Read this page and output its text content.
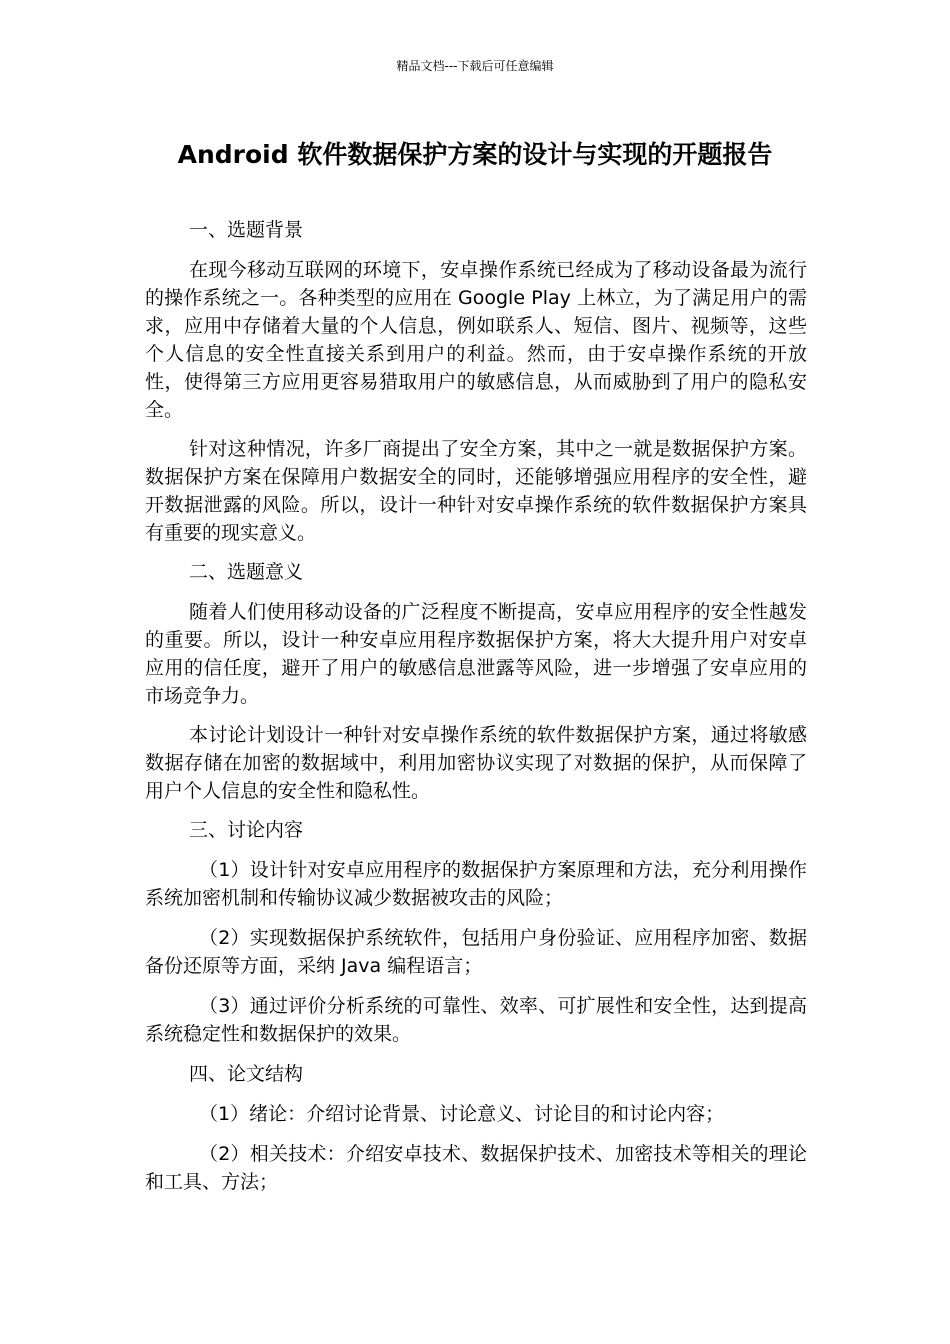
精品文档---下载后可任意编辑
Android 软件数据保护方案的设计与实现的开题报告

一、选题背景

在现今移动互联网的环境下，安卓操作系统已经成为了移动设备最为流行的操作系统之一。各种类型的应用在 Google Play 上林立，为了满足用户的需求，应用中存储着大量的个人信息，例如联系人、短信、图片、视频等，这些个人信息的安全性直接关系到用户的利益。然而，由于安卓操作系统的开放性，使得第三方应用更容易猎取用户的敏感信息，从而威胁到了用户的隐私安全。

针对这种情况，许多厂商提出了安全方案，其中之一就是数据保护方案。数据保护方案在保障用户数据安全的同时，还能够增强应用程序的安全性，避开数据泄露的风险。所以，设计一种针对安卓操作系统的软件数据保护方案具有重要的现实意义。

二、选题意义

随着人们使用移动设备的广泛程度不断提高，安卓应用程序的安全性越发的重要。所以，设计一种安卓应用程序数据保护方案，将大大提升用户对安卓应用的信任度，避开了用户的敏感信息泄露等风险，进一步增强了安卓应用的市场竞争力。

本讨论计划设计一种针对安卓操作系统的软件数据保护方案，通过将敏感数据存储在加密的数据域中，利用加密协议实现了对数据的保护，从而保障了用户个人信息的安全性和隐私性。

三、讨论内容

（1）设计针对安卓应用程序的数据保护方案原理和方法，充分利用操作系统加密机制和传输协议减少数据被攻击的风险；

（2）实现数据保护系统软件，包括用户身份验证、应用程序加密、数据备份还原等方面，采纳 Java 编程语言；

（3）通过评价分析系统的可靠性、效率、可扩展性和安全性，达到提高系统稳定性和数据保护的效果。

四、论文结构

（1）绪论：介绍讨论背景、讨论意义、讨论目的和讨论内容；

（2）相关技术：介绍安卓技术、数据保护技术、加密技术等相关的理论和工具、方法；
